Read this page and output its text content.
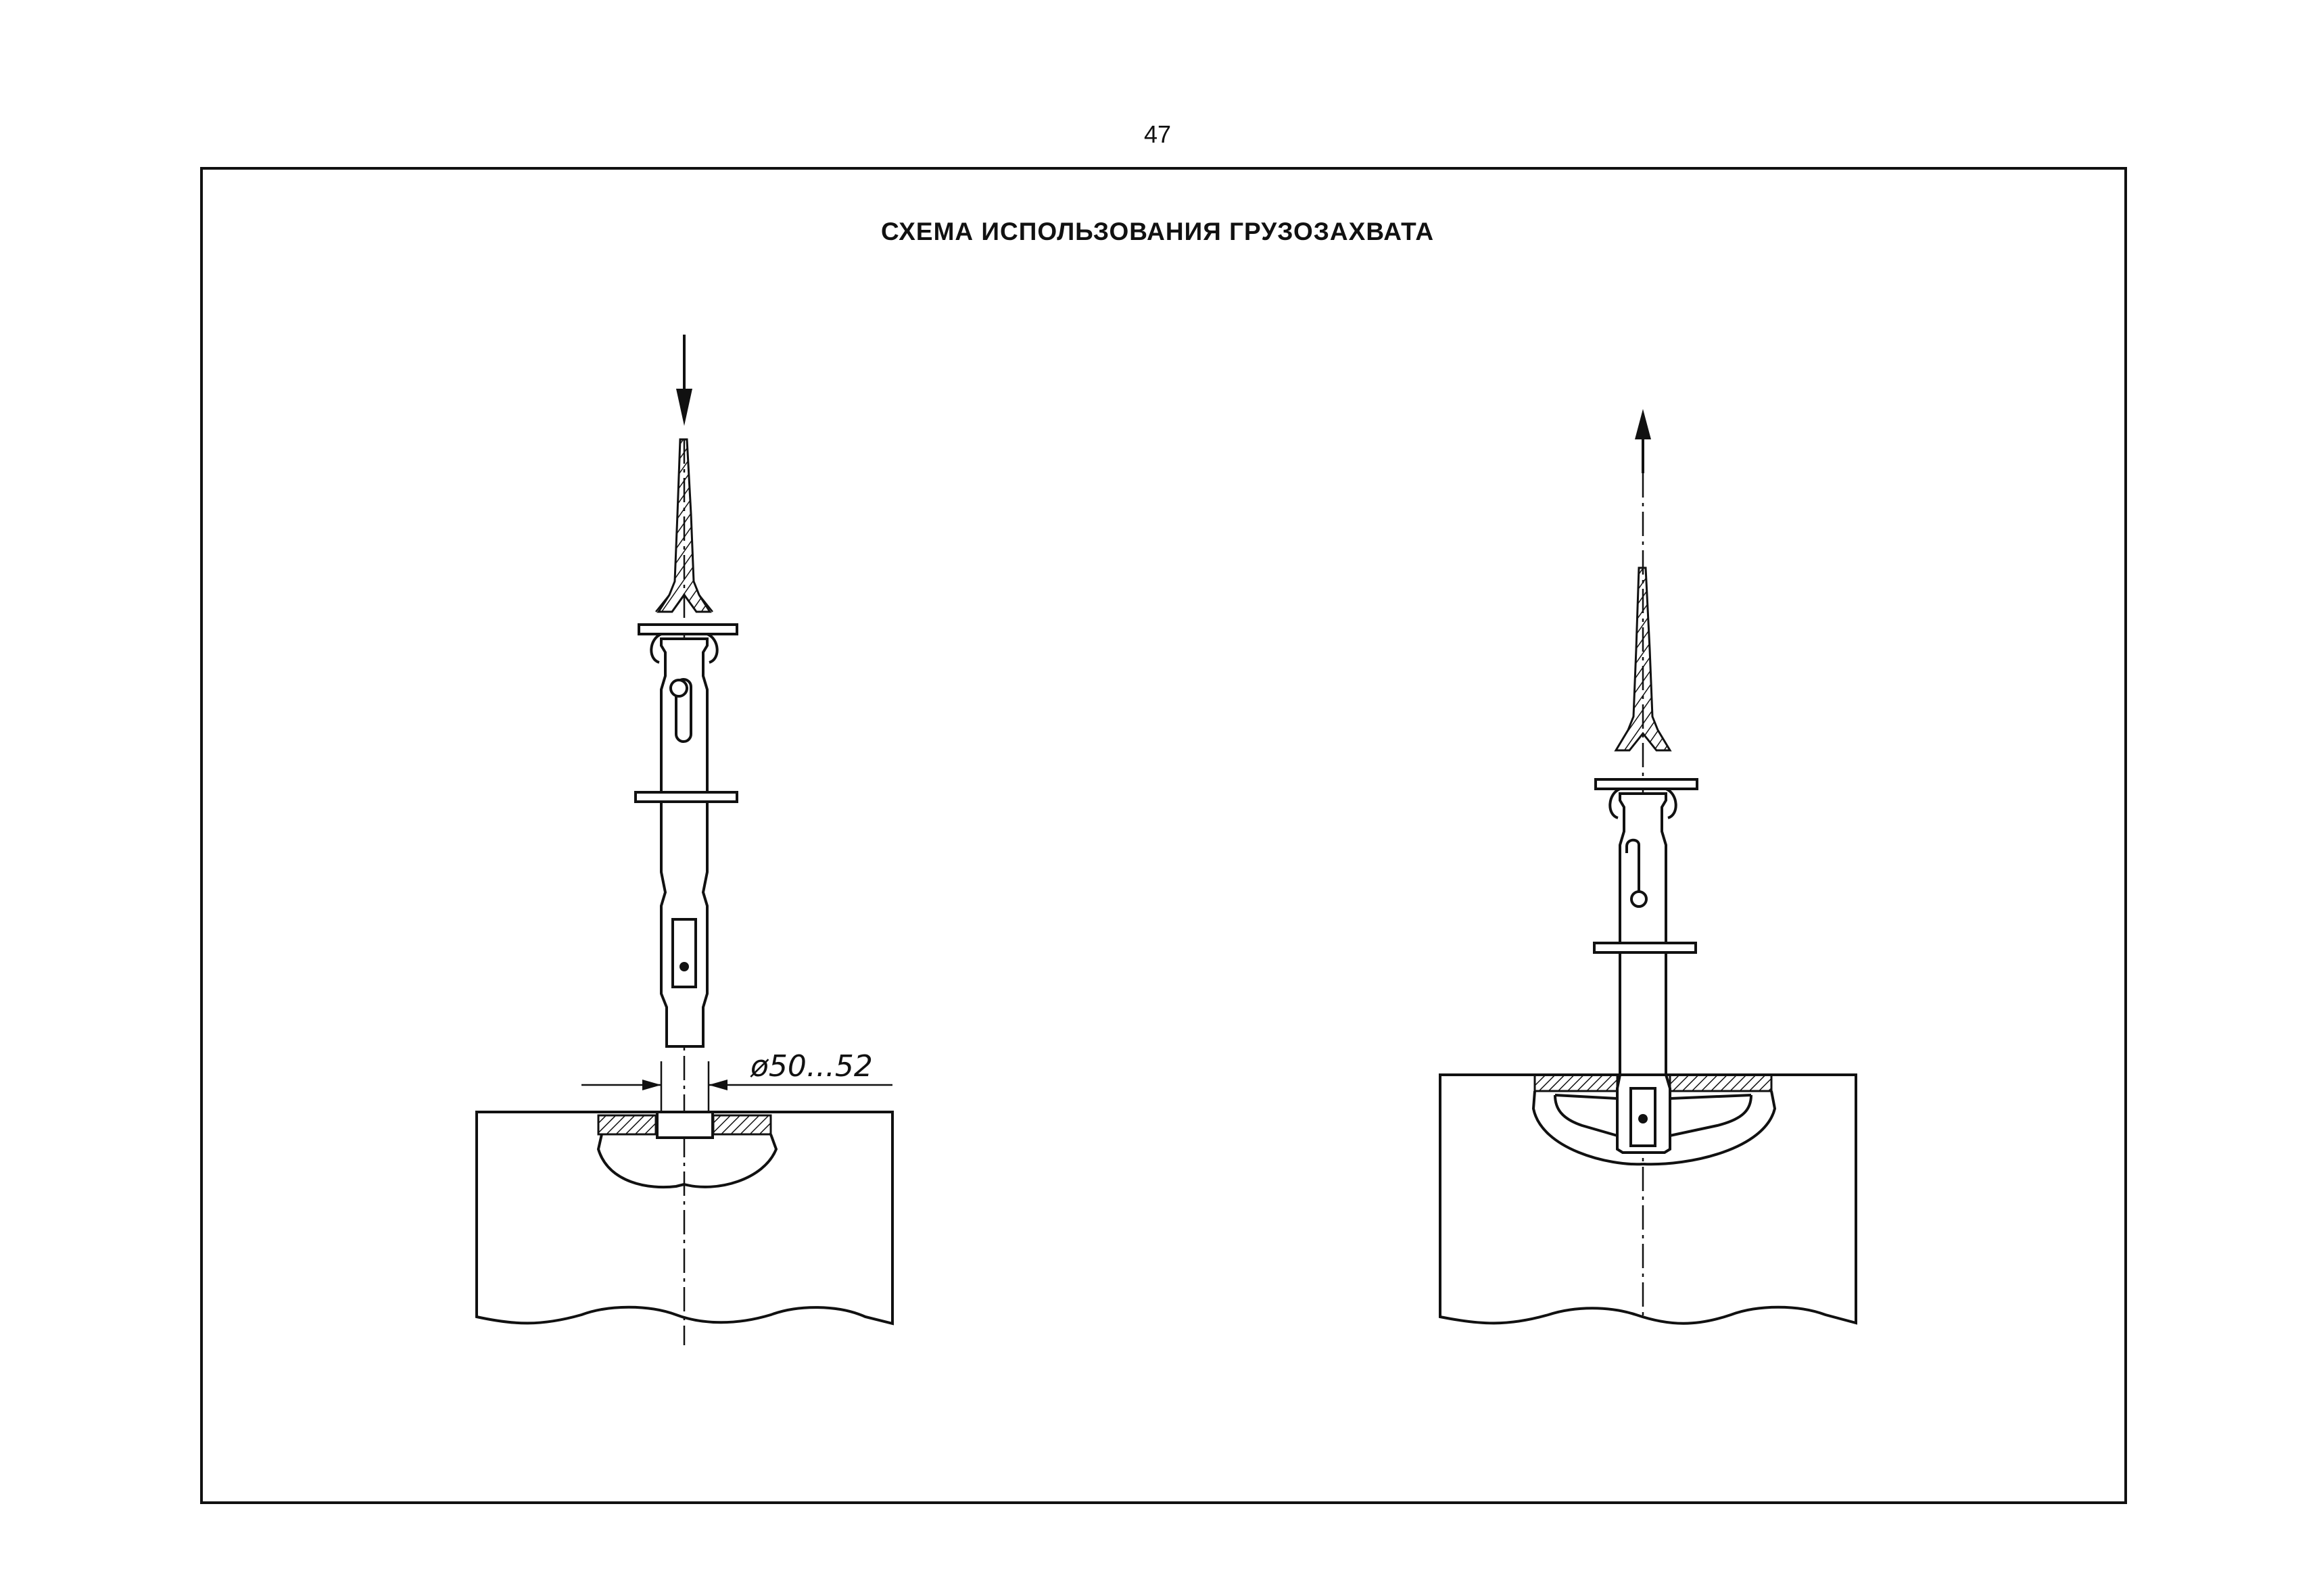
47
СХЕМА ИСПОЛЬЗОВАНИЯ ГРУЗОЗАХВАТА
ø50...52
